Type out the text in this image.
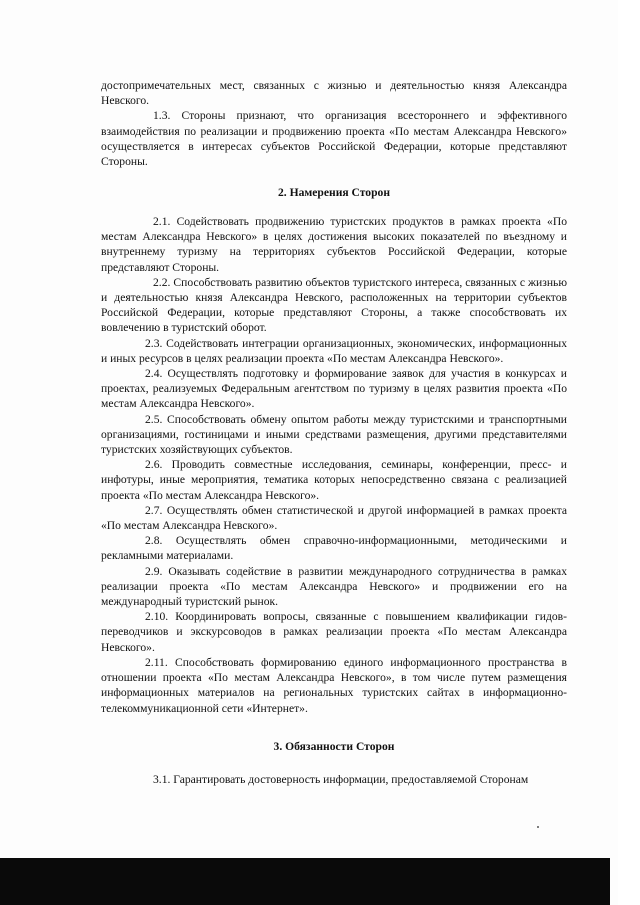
достопримечательных мест, связанных с жизнью и деятельностью князя Александра Невского.

1.3. Стороны признают, что организация всестороннего и эффективного взаимодействия по реализации и продвижению проекта «По местам Александра Невского» осуществляется в интересах субъектов Российской Федерации, которые представляют Стороны.

2. Намерения Сторон

2.1. Содействовать продвижению туристских продуктов в рамках проекта «По местам Александра Невского» в целях достижения высоких показателей по въездному и внутреннему туризму на территориях субъектов Российской Федерации, которые представляют Стороны.

2.2. Способствовать развитию объектов туристского интереса, связанных с жизнью и деятельностью князя Александра Невского, расположенных на территории субъектов Российской Федерации, которые представляют Стороны, а также способствовать их вовлечению в туристский оборот.

2.3. Содействовать интеграции организационных, экономических, информационных и иных ресурсов в целях реализации проекта «По местам Александра Невского».

2.4. Осуществлять подготовку и формирование заявок для участия в конкурсах и проектах, реализуемых Федеральным агентством по туризму в целях развития проекта «По местам Александра Невского».

2.5. Способствовать обмену опытом работы между туристскими и транспортными организациями, гостиницами и иными средствами размещения, другими представителями туристских хозяйствующих субъектов.

2.6. Проводить совместные исследования, семинары, конференции, пресс- и инфотуры, иные мероприятия, тематика которых непосредственно связана с реализацией проекта «По местам Александра Невского».

2.7. Осуществлять обмен статистической и другой информацией в рамках проекта «По местам Александра Невского».

2.8. Осуществлять обмен справочно-информационными, методическими и рекламными материалами.

2.9. Оказывать содействие в развитии международного сотрудничества в рамках реализации проекта «По местам Александра Невского» и продвижении его на международный туристский рынок.

2.10. Координировать вопросы, связанные с повышением квалификации гидов-переводчиков и экскурсоводов в рамках реализации проекта «По местам Александра Невского».

2.11. Способствовать формированию единого информационного пространства в отношении проекта «По местам Александра Невского», в том числе путем размещения информационных материалов на региональных туристских сайтах в информационно-телекоммуникационной сети «Интернет».

3. Обязанности Сторон

3.1. Гарантировать достоверность информации, предоставляемой Сторонам
